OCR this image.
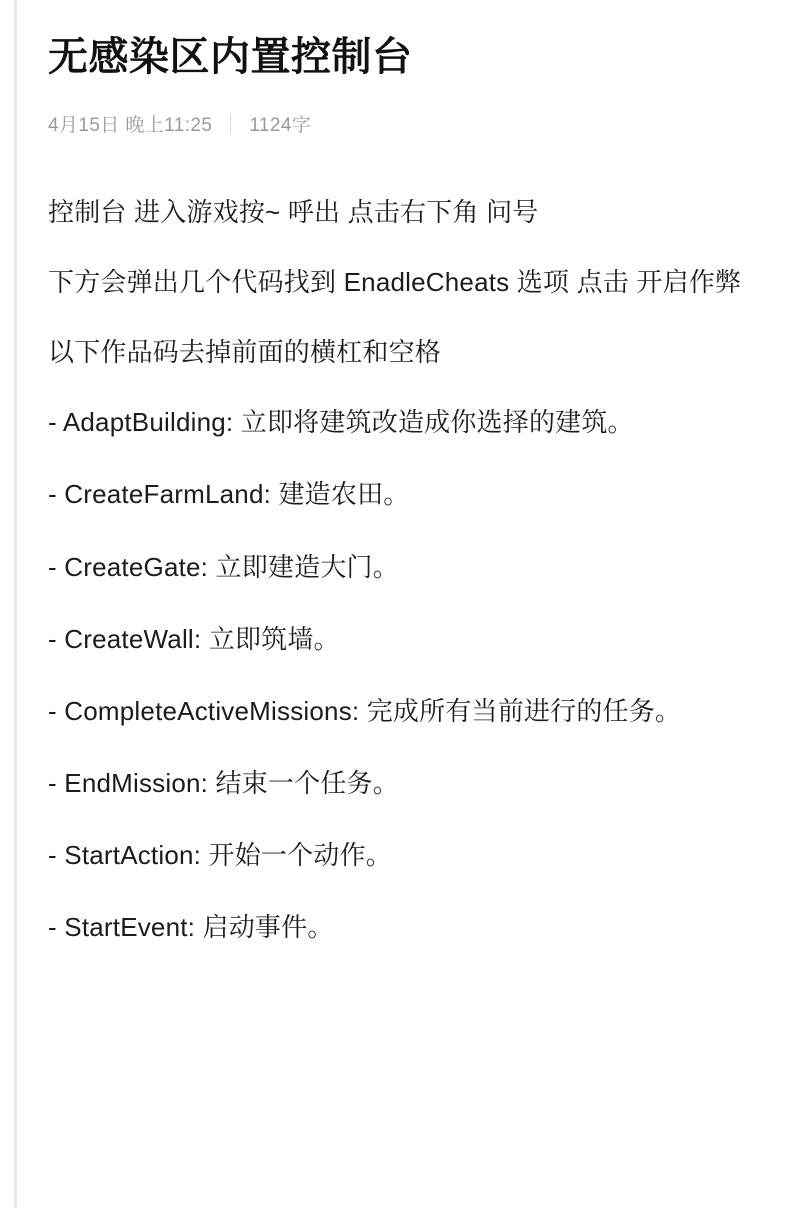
无感染区内置控制台
4月15日 晚上11:25 1124字

控制台 进入游戏按~ 呼出 点击右下角 问号

下方会弹出几个代码找到 EnadleCheats 选项 点击 开启作弊

以下作品码去掉前面的横杠和空格

- AdaptBuilding: 立即将建筑改造成你选择的建筑。

- CreateFarmLand: 建造农田。

- CreateGate: 立即建造大门。

- CreateWall: 立即筑墙。

- CompleteActiveMissions: 完成所有当前进行的任务。

- EndMission: 结束一个任务。

- StartAction: 开始一个动作。

- StartEvent: 启动事件。
